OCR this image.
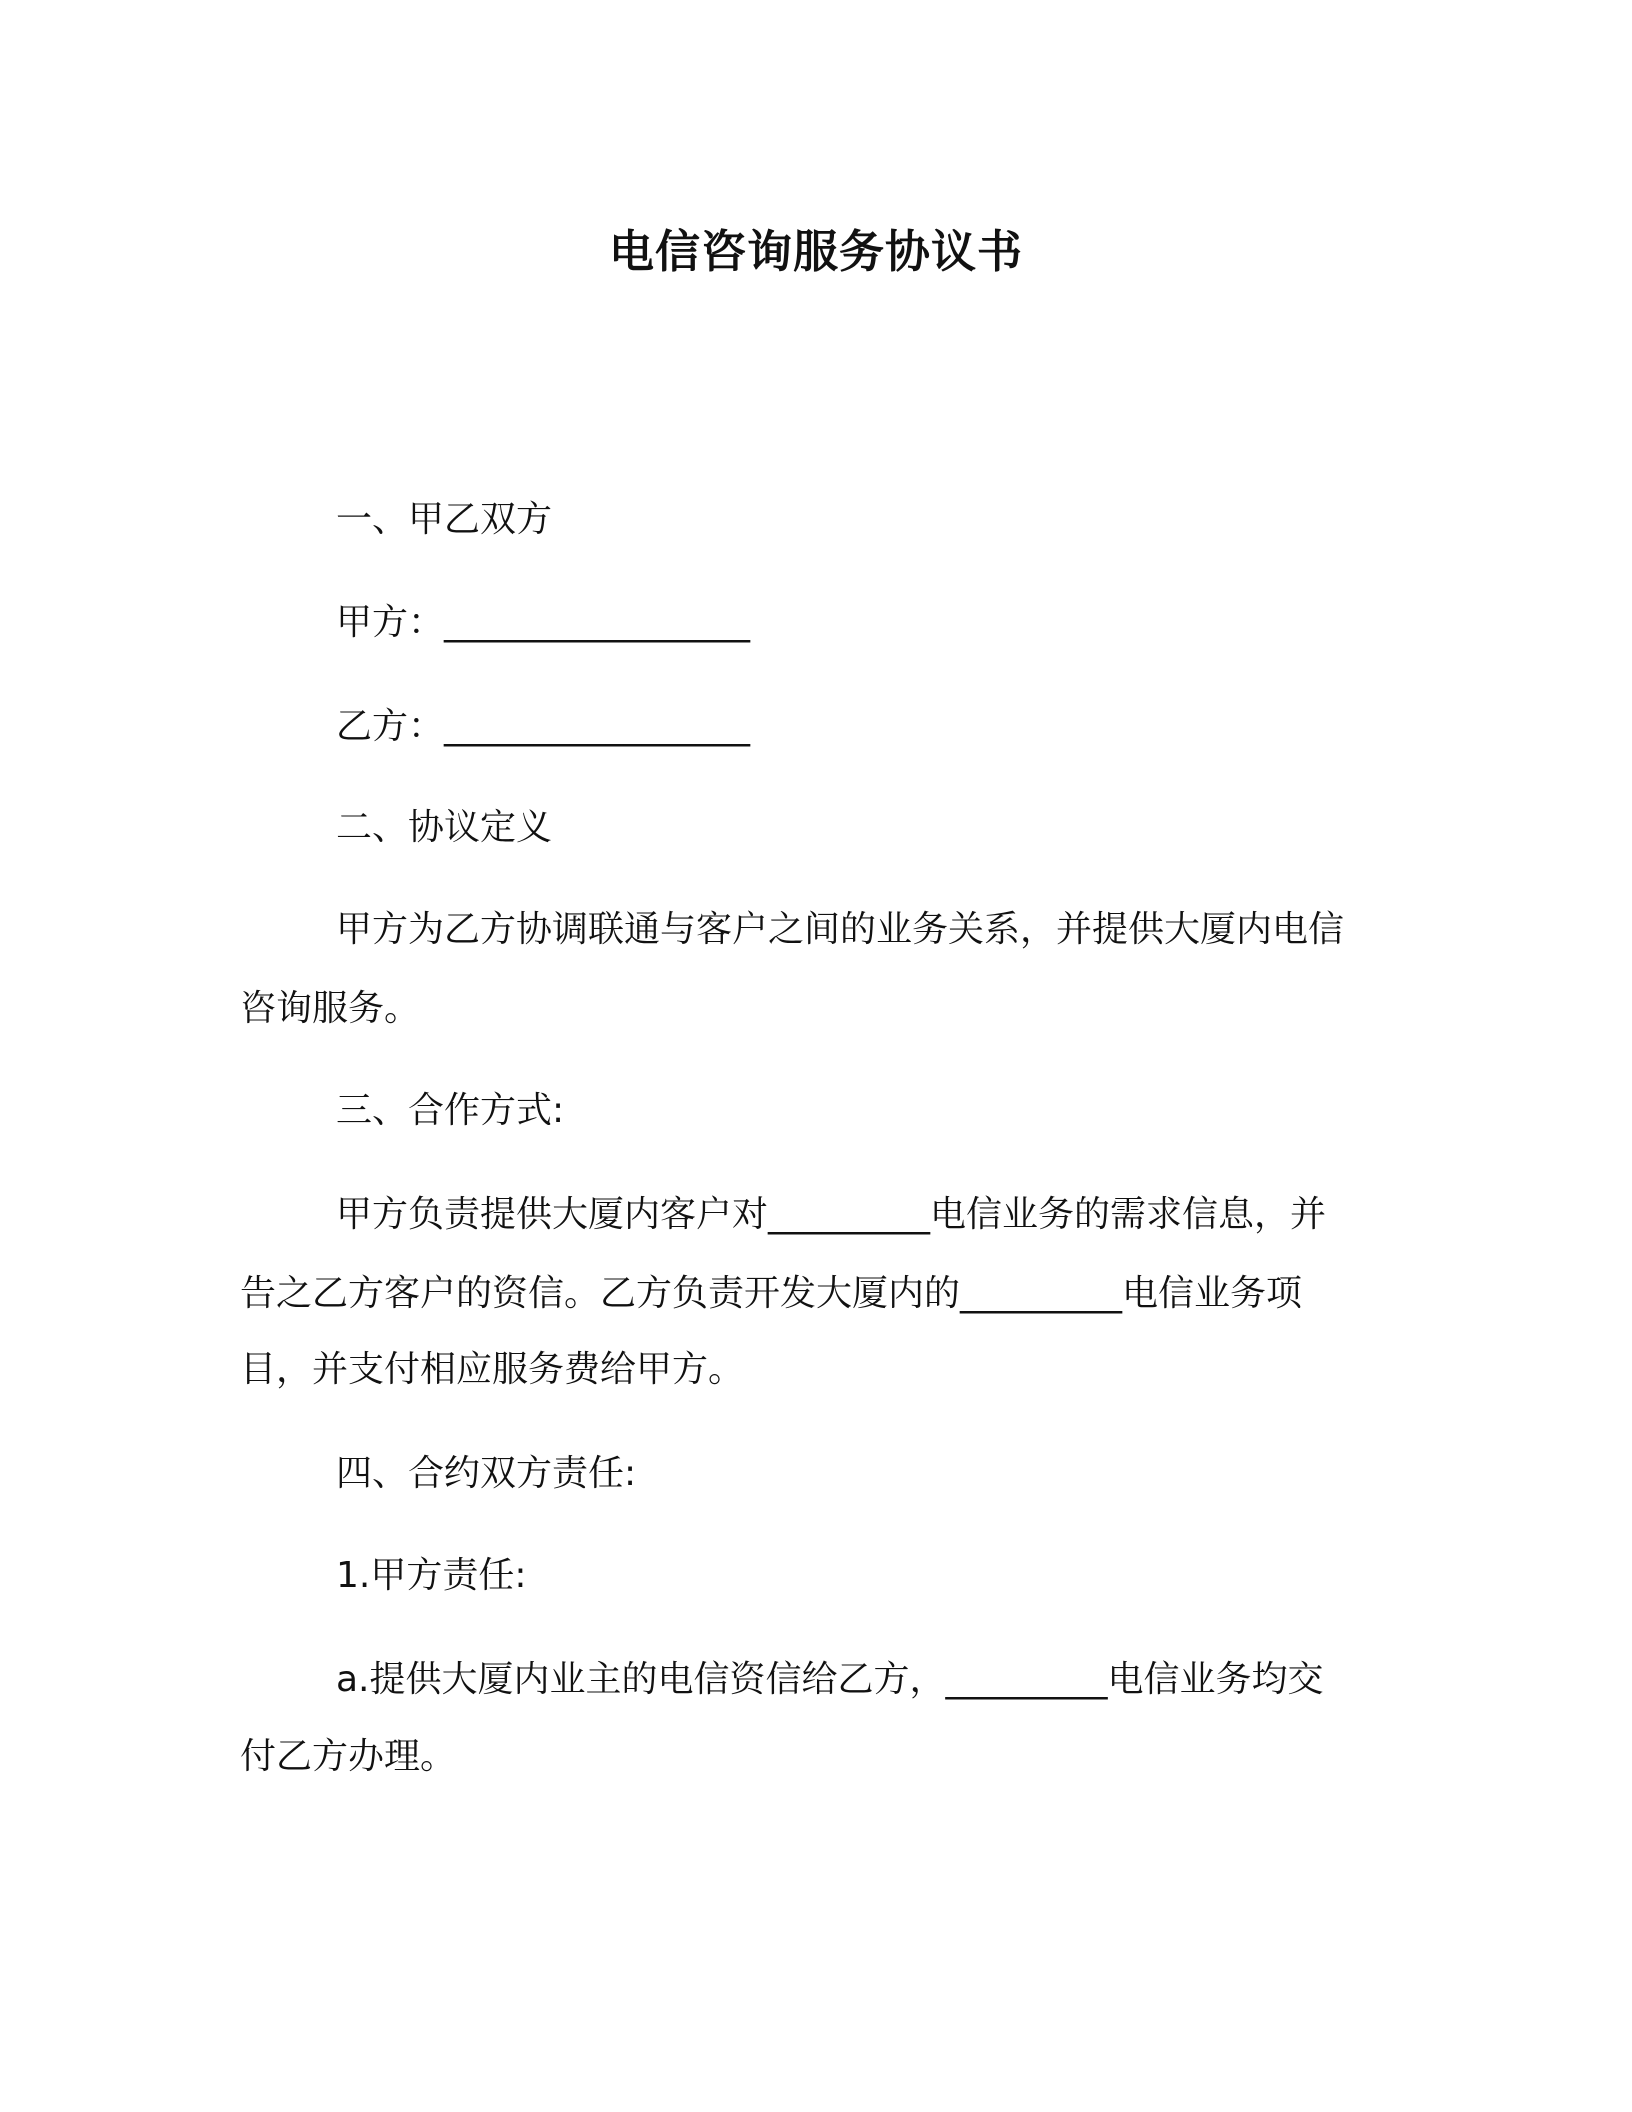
电信咨询服务协议书
一、甲乙双方
甲方：_________________
乙方：_________________
二、协议定义
甲方为乙方协调联通与客户之间的业务关系，并提供大厦内电信
咨询服务。
三、合作方式:
甲方负责提供大厦内客户对_________电信业务的需求信息，并
告之乙方客户的资信。乙方负责开发大厦内的_________电信业务项
目，并支付相应服务费给甲方。
四、合约双方责任:
1.甲方责任:
a.提供大厦内业主的电信资信给乙方，_________电信业务均交
付乙方办理。
